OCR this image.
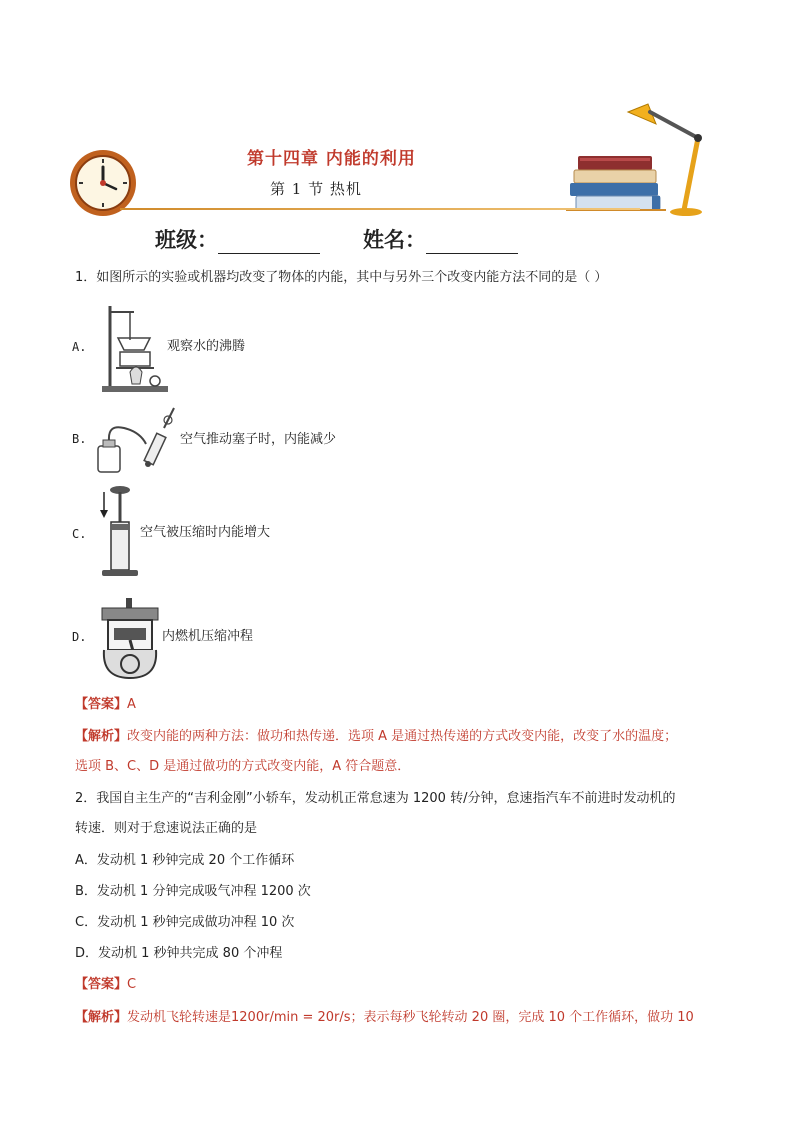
第十四章 内能的利用
第 1 节 热机
班级：	姓名：
1．如图所示的实验或机器均改变了物体的内能，其中与另外三个改变内能方法不同的是（ ）
A.	观察水的沸腾
B.	空气推动塞子时，内能减少
C.	空气被压缩时内能增大
D.	内燃机压缩冲程
【答案】A
【解析】改变内能的两种方法：做功和热传递．选项 A 是通过热传递的方式改变内能，改变了水的温度；
选项 B、C、D 是通过做功的方式改变内能，A 符合题意．
2．我国自主生产的“吉利金刚”小轿车，发动机正常怠速为 1200 转/分钟，怠速指汽车不前进时发动机的
转速．则对于怠速说法正确的是
A．发动机 1 秒钟完成 20 个工作循环
B．发动机 1 分钟完成吸气冲程 1200 次
C．发动机 1 秒钟完成做功冲程 10 次
D．发动机 1 秒钟共完成 80 个冲程
【答案】C
【解析】发动机飞轮转速是1200r/min = 20r/s；表示每秒飞轮转动 20 圈，完成 10 个工作循环，做功 10
